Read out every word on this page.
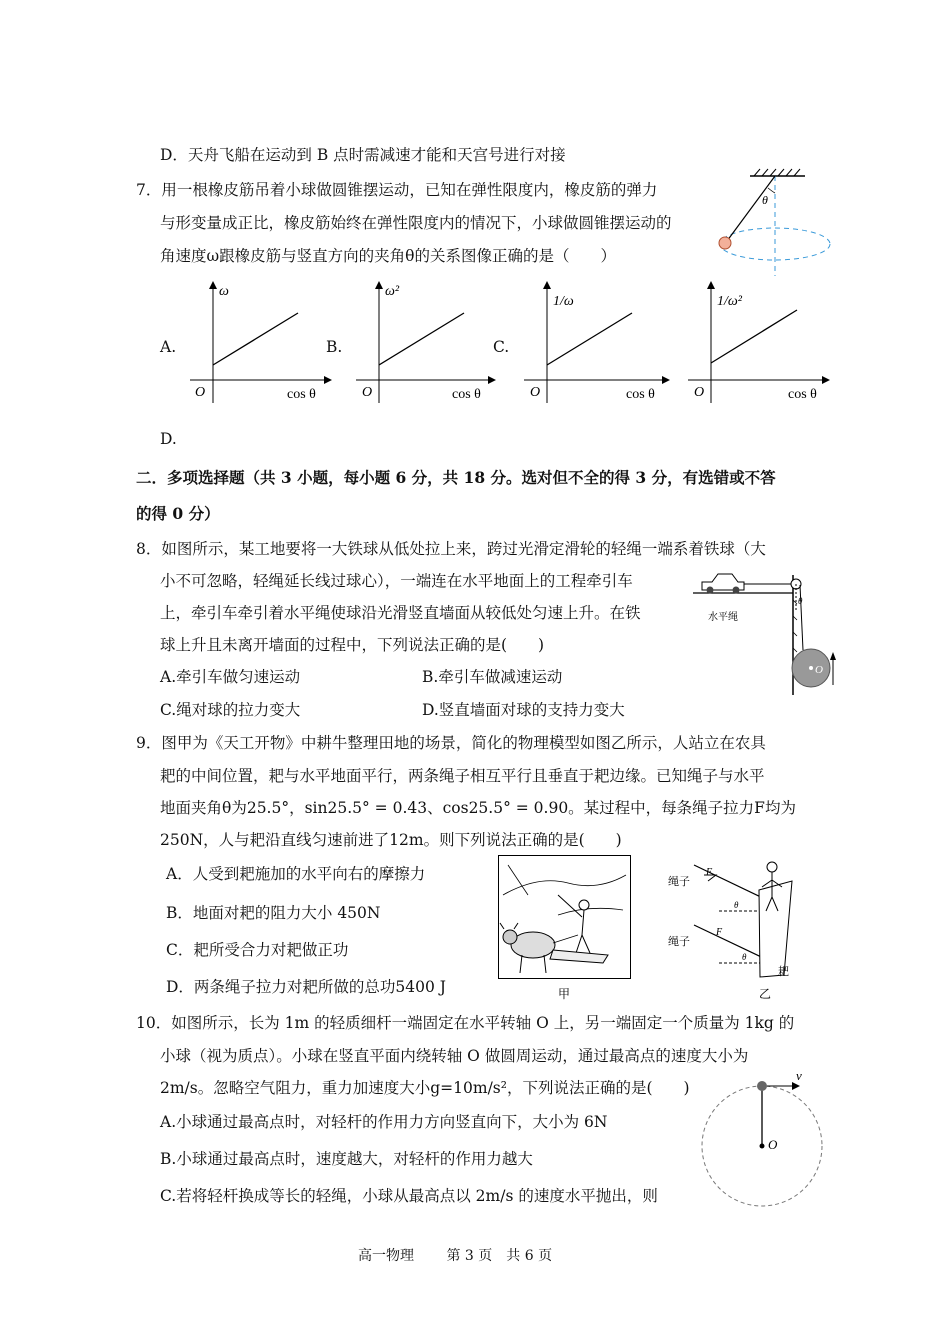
D．天舟飞船在运动到 B 点时需减速才能和天宫号进行对接
7．用一根橡皮筋吊着小球做圆锥摆运动，已知在弹性限度内，橡皮筋的弹力
与形变量成正比，橡皮筋始终在弹性限度内的情况下，小球做圆锥摆运动的
角速度ω跟橡皮筋与竖直方向的夹角θ的关系图像正确的是（　　）
θ
A.
ω
O	cos θ
B.
ω²
O	cos θ
C.
1/ω
O	cos θ
1/ω²
O	cos θ
D.
二．多项选择题（共 3 小题，每小题 6 分，共 18 分。选对但不全的得 3 分，有选错或不答
的得 0 分）
8．如图所示，某工地要将一大铁球从低处拉上来，跨过光滑定滑轮的轻绳一端系着铁球（大
小不可忽略，轻绳延长线过球心），一端连在水平地面上的工程牵引车
上，牵引车牵引着水平绳使球沿光滑竖直墙面从较低处匀速上升。在铁
球上升且未离开墙面的过程中，下列说法正确的是(　　)
A.牵引车做匀速运动	B.牵引车做减速运动
C.绳对球的拉力变大	D.竖直墙面对球的支持力变大
θ
O
水平绳
9．图甲为《天工开物》中耕牛整理田地的场景，简化的物理模型如图乙所示，人站立在农具
耙的中间位置，耙与水平地面平行，两条绳子相互平行且垂直于耙边缘。已知绳子与水平
地面夹角θ为25.5°，sin25.5° = 0.43、cos25.5° = 0.90。某过程中，每条绳子拉力F均为
250N，人与耙沿直线匀速前进了12m。则下列说法正确的是(　　)
A．人受到耙施加的水平向右的摩擦力
B．地面对耙的阻力大小 450N
C．耙所受合力对耙做正功
D．两条绳子拉力对耙所做的总功5400 J	甲
绳子
F
θ
绳子
F
θ
耙
乙
10．如图所示，长为 1m 的轻质细杆一端固定在水平转轴 O 上，另一端固定一个质量为 1kg 的
小球（视为质点）。小球在竖直平面内绕转轴 O 做圆周运动，通过最高点的速度大小为
2m/s。忽略空气阻力，重力加速度大小g=10m/s²，下列说法正确的是(　　)
A.小球通过最高点时，对轻杆的作用力方向竖直向下，大小为 6N
B.小球通过最高点时，速度越大，对轻杆的作用力越大
C.若将轻杆换成等长的轻绳，小球从最高点以 2m/s 的速度水平抛出，则
O
v
高一物理　　 第 3 页　共 6 页
